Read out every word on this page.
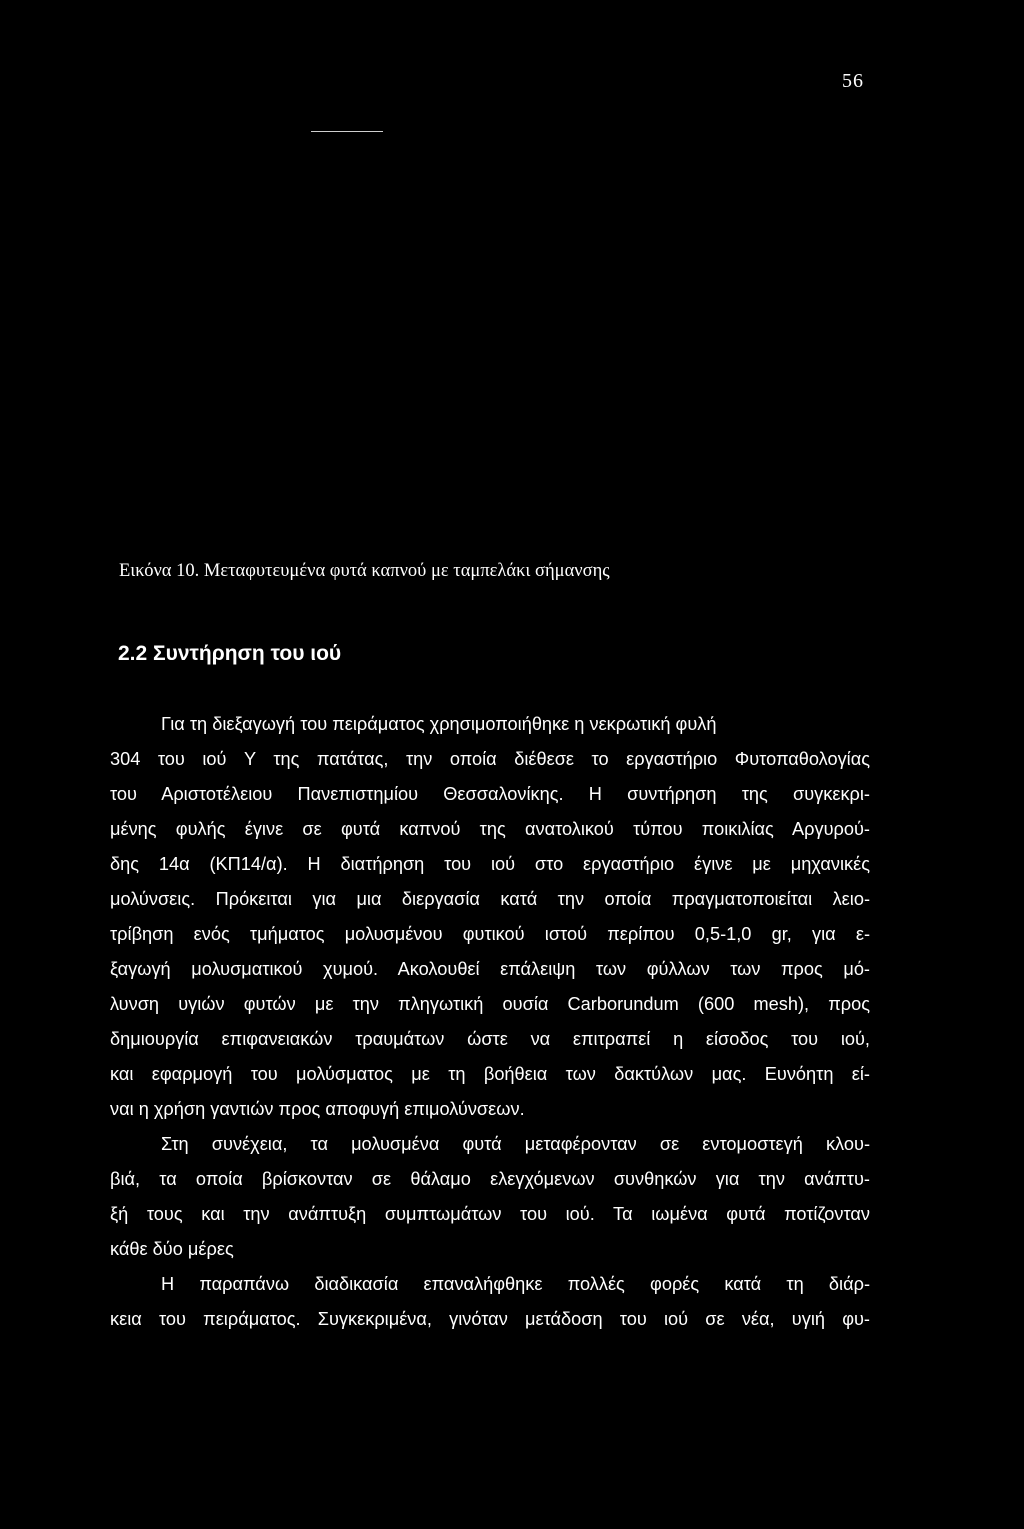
56
Εικόνα 10. Μεταφυτευμένα φυτά καπνού με ταμπελάκι σήμανσης
2.2 Συντήρηση του ιού
Για τη διεξαγωγή του πειράματος χρησιμοποιήθηκε η νεκρωτική φυλή
304 του ιού Y της πατάτας, την οποία διέθεσε το εργαστήριο Φυτοπαθολογίας
του Αριστοτέλειου Πανεπιστημίου Θεσσαλονίκης. Η συντήρηση της συγκεκρι-
μένης φυλής έγινε σε φυτά καπνού της ανατολικού τύπου ποικιλίας Αργυρού-
δης 14α (ΚΠ14/α). Η διατήρηση του ιού στο εργαστήριο έγινε με μηχανικές
μολύνσεις. Πρόκειται για μια διεργασία κατά την οποία πραγματοποιείται λειο-
τρίβηση ενός τμήματος μολυσμένου φυτικού ιστού περίπου 0,5-1,0 gr, για ε-
ξαγωγή μολυσματικού χυμού. Ακολουθεί επάλειψη των φύλλων των προς μό-
λυνση υγιών φυτών με την πληγωτική ουσία Carborundum (600 mesh), προς
δημιουργία επιφανειακών τραυμάτων ώστε να επιτραπεί η είσοδος του ιού,
και εφαρμογή του μολύσματος με τη βοήθεια των δακτύλων μας. Ευνόητη εί-
ναι η χρήση γαντιών προς αποφυγή επιμολύνσεων.
Στη συνέχεια, τα μολυσμένα φυτά μεταφέρονταν σε εντομοστεγή κλου-
βιά, τα οποία βρίσκονταν σε θάλαμο ελεγχόμενων συνθηκών για την ανάπτυ-
ξή τους και την ανάπτυξη συμπτωμάτων του ιού. Τα ιωμένα φυτά ποτίζονταν
κάθε δύο μέρες
Η παραπάνω διαδικασία επαναλήφθηκε πολλές φορές κατά τη διάρ-
κεια του πειράματος. Συγκεκριμένα, γινόταν μετάδοση του ιού σε νέα, υγιή φυ-
